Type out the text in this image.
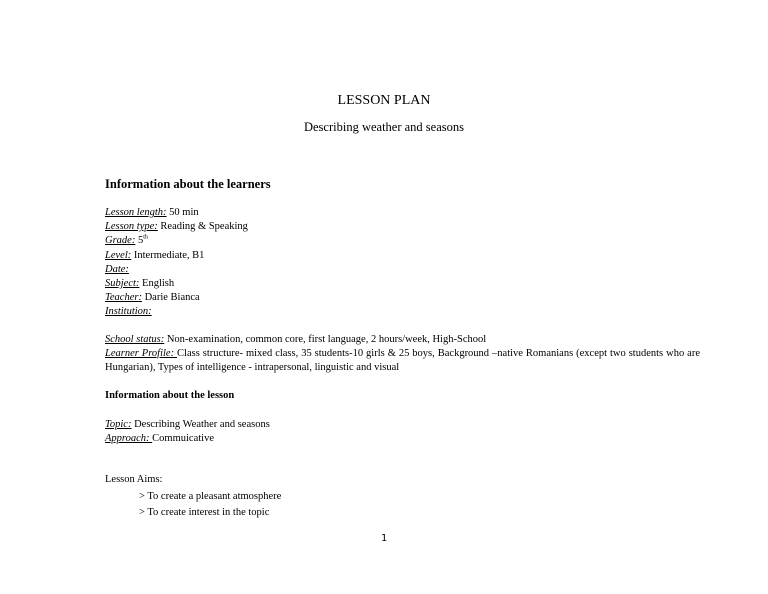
LESSON PLAN
Describing weather and seasons
Information about the learners
Lesson length: 50 min
Lesson type: Reading & Speaking
Grade: 5th
Level: Intermediate, B1
Date:
Subject: English
Teacher: Darie Bianca
Institution:
School status: Non-examination, common core, first language, 2 hours/week, High-School
Learner Profile: Class structure- mixed class, 35 students-10 girls & 25 boys, Background –native Romanians (except two students who are Hungarian), Types of intelligence - intrapersonal, linguistic and visual
Information about the lesson
Topic: Describing Weather and seasons
Approach: Commuicative
Lesson Aims:
> To create a pleasant atmosphere
> To create interest in the topic
1
